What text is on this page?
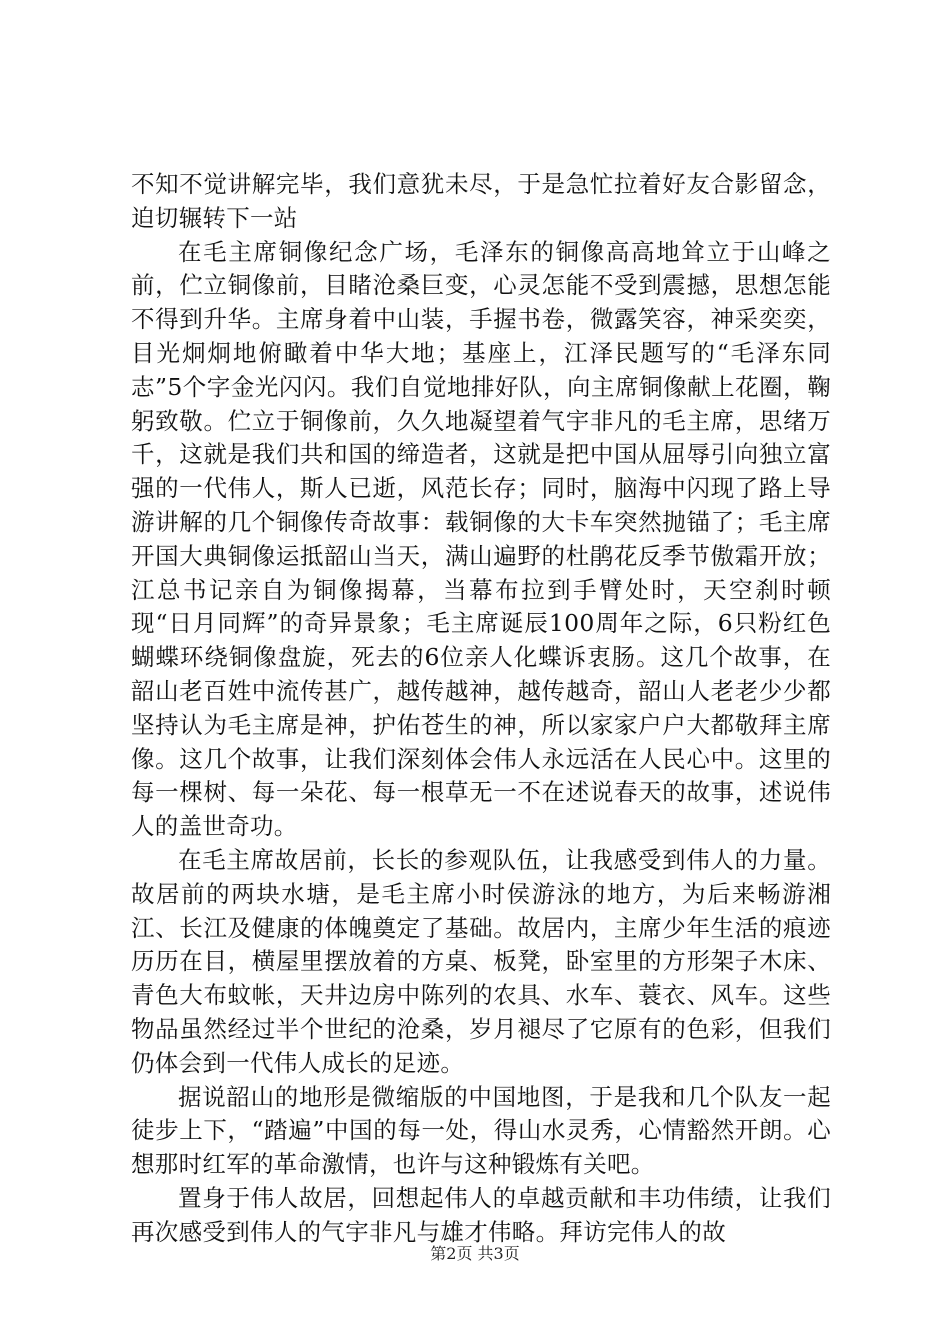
不知不觉讲解完毕，我们意犹未尽，于是急忙拉着好友合影留念，迫切辗转下一站

在毛主席铜像纪念广场，毛泽东的铜像高高地耸立于山峰之前，伫立铜像前，目睹沧桑巨变，心灵怎能不受到震撼，思想怎能不得到升华。主席身着中山装，手握书卷，微露笑容，神采奕奕，目光炯炯地俯瞰着中华大地；基座上，江泽民题写的“毛泽东同志”5个字金光闪闪。我们自觉地排好队，向主席铜像献上花圈，鞠躬致敬。伫立于铜像前，久久地凝望着气宇非凡的毛主席，思绪万千，这就是我们共和国的缔造者，这就是把中国从屈辱引向独立富强的一代伟人，斯人已逝，风范长存；同时，脑海中闪现了路上导游讲解的几个铜像传奇故事：载铜像的大卡车突然抛锚了；毛主席开国大典铜像运抵韶山当天，满山遍野的杜鹃花反季节傲霜开放；江总书记亲自为铜像揭幕，当幕布拉到手臂处时，天空刹时顿现“日月同辉”的奇异景象；毛主席诞辰100周年之际，6只粉红色蝴蝶环绕铜像盘旋，死去的6位亲人化蝶诉衷肠。这几个故事，在韶山老百姓中流传甚广，越传越神，越传越奇，韶山人老老少少都坚持认为毛主席是神，护佑苍生的神，所以家家户户大都敬拜主席像。这几个故事，让我们深刻体会伟人永远活在人民心中。这里的每一棵树、每一朵花、每一根草无一不在述说春天的故事，述说伟人的盖世奇功。

在毛主席故居前，长长的参观队伍，让我感受到伟人的力量。故居前的两块水塘，是毛主席小时侯游泳的地方，为后来畅游湘江、长江及健康的体魄奠定了基础。故居内，主席少年生活的痕迹历历在目，横屋里摆放着的方桌、板凳，卧室里的方形架子木床、青色大布蚊帐，天井边房中陈列的农具、水车、蓑衣、风车。这些物品虽然经过半个世纪的沧桑，岁月褪尽了它原有的色彩，但我们仍体会到一代伟人成长的足迹。

据说韶山的地形是微缩版的中国地图，于是我和几个队友一起徒步上下，“踏遍”中国的每一处，得山水灵秀，心情豁然开朗。心想那时红军的革命激情，也许与这种锻炼有关吧。

置身于伟人故居，回想起伟人的卓越贡献和丰功伟绩，让我们再次感受到伟人的气宇非凡与雄才伟略。拜访完伟人的故

第2页 共3页
